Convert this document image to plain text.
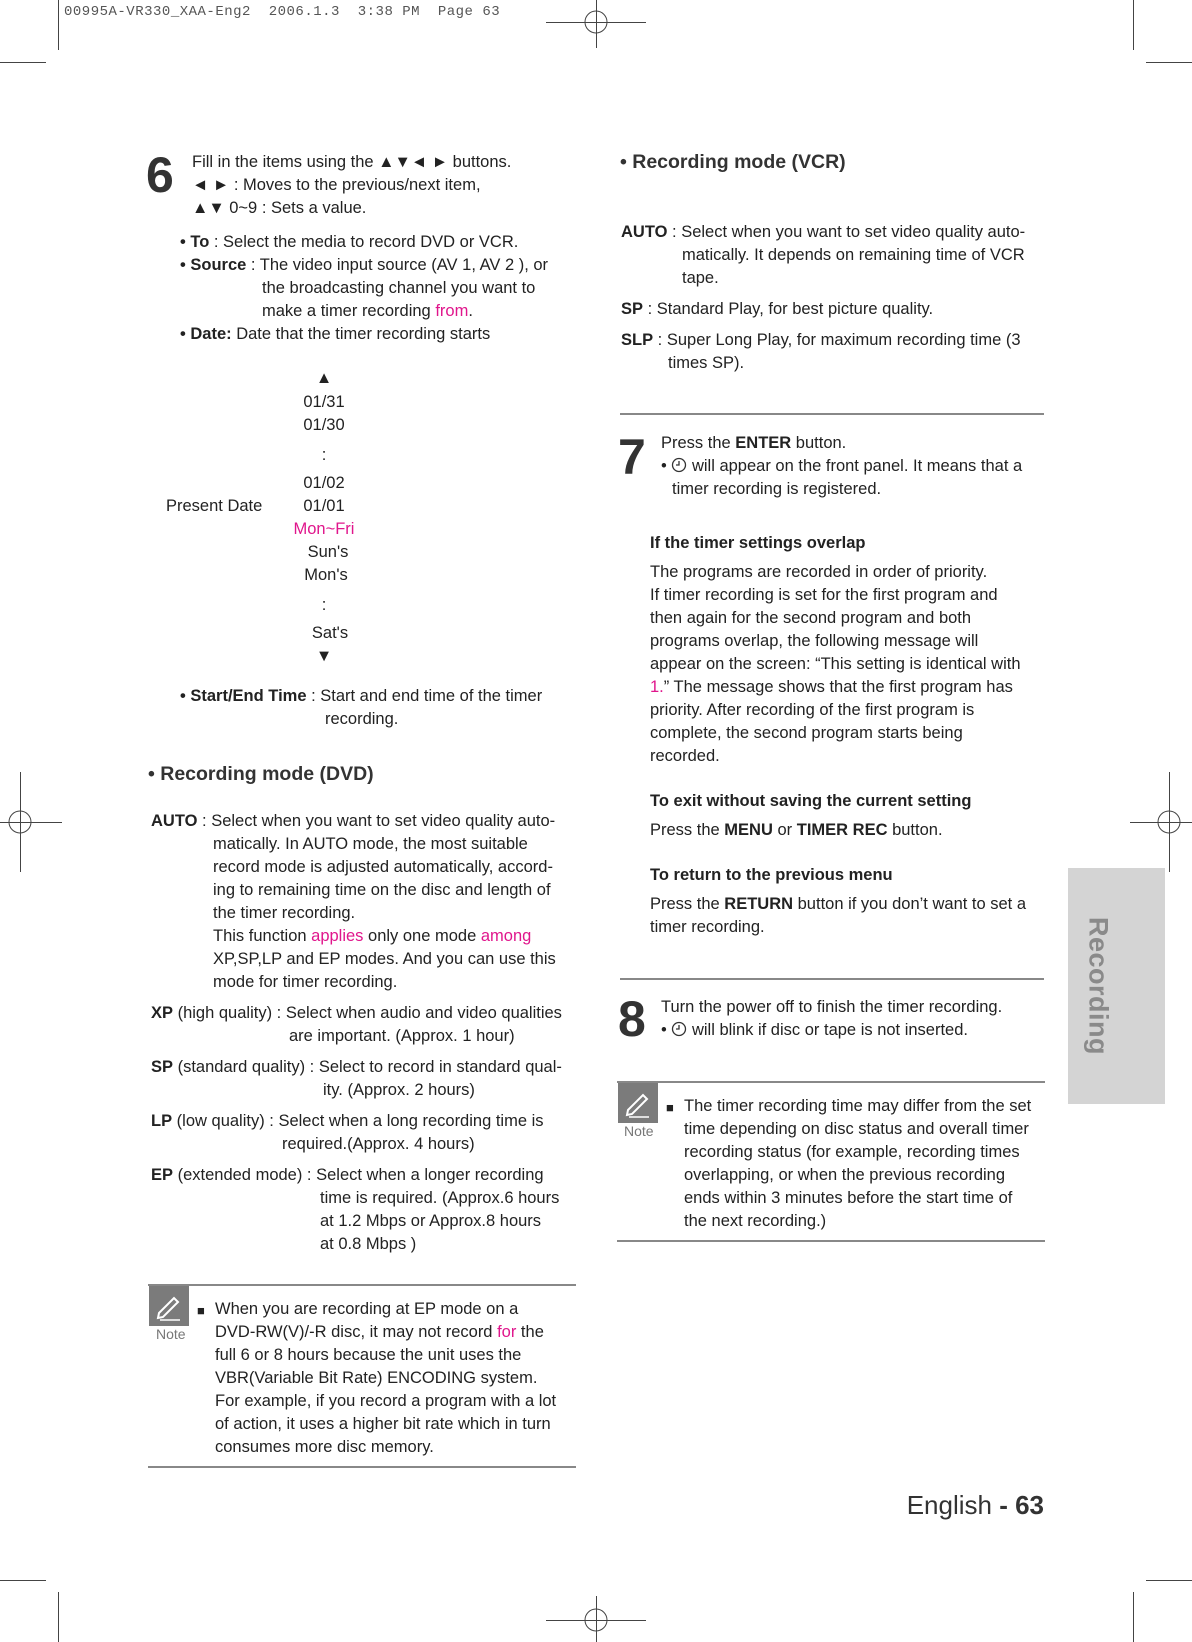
00995A-VR330_XAA-Eng2  2006.1.3  3:38 PM  Page 63
6 Fill in the items using the ▲▼◄ ► buttons.
◄ ► : Moves to the previous/next item,
▲▼ 0~9 : Sets a value.
• To : Select the media to record DVD or VCR.
• Source : The video input source (AV 1, AV 2 ), or
the broadcasting channel you want to
make a timer recording from.
• Date: Date that the timer recording starts
▲
01/31
01/30
:
01/02
Present Date	01/01
Mon~Fri
Sun's
Mon's
:
Sat's
▼
• Start/End Time : Start and end time of the timer
recording.
• Recording mode (DVD)
AUTO : Select when you want to set video quality auto-
matically. In AUTO mode, the most suitable
record mode is adjusted automatically, accord-
ing to remaining time on the disc and length of
the timer recording.
This function applies only one mode among
XP,SP,LP and EP modes. And you can use this
mode for timer recording.
XP (high quality) : Select when audio and video qualities
are important. (Approx. 1 hour)
SP (standard quality) : Select to record in standard qual-
ity. (Approx. 2 hours)
LP (low quality) : Select when a long recording time is
required.(Approx. 4 hours)
EP (extended mode) : Select when a longer recording
time is required. (Approx.6 hours
at 1.2 Mbps or Approx.8 hours
at 0.8 Mbps )
Note
■ When you are recording at EP mode on a
DVD-RW(V)/-R disc, it may not record for the
full 6 or 8 hours because the unit uses the
VBR(Variable Bit Rate) ENCODING system.
For example, if you record a program with a lot
of action, it uses a higher bit rate which in turn
consumes more disc memory.
• Recording mode (VCR)
AUTO : Select when you want to set video quality auto-
matically. It depends on remaining time of VCR
tape.
SP : Standard Play, for best picture quality.
SLP : Super Long Play, for maximum recording time (3
times SP).
7 Press the ENTER button.
•  will appear on the front panel. It means that a
timer recording is registered.
If the timer settings overlap
The programs are recorded in order of priority.
If timer recording is set for the first program and
then again for the second program and both
programs overlap, the following message will
appear on the screen: “This setting is identical with
1.” The message shows that the first program has
priority. After recording of the first program is
complete, the second program starts being
recorded.
To exit without saving the current setting
Press the MENU or TIMER REC button.
To return to the previous menu
Press the RETURN button if you don’t want to set a
timer recording.
8 Turn the power off to finish the timer recording.
•  will blink if disc or tape is not inserted.
Note
■ The timer recording time may differ from the set
time depending on disc status and overall timer
recording status (for example, recording times
overlapping, or when the previous recording
ends within 3 minutes before the start time of
the next recording.)
Recording
English - 63
